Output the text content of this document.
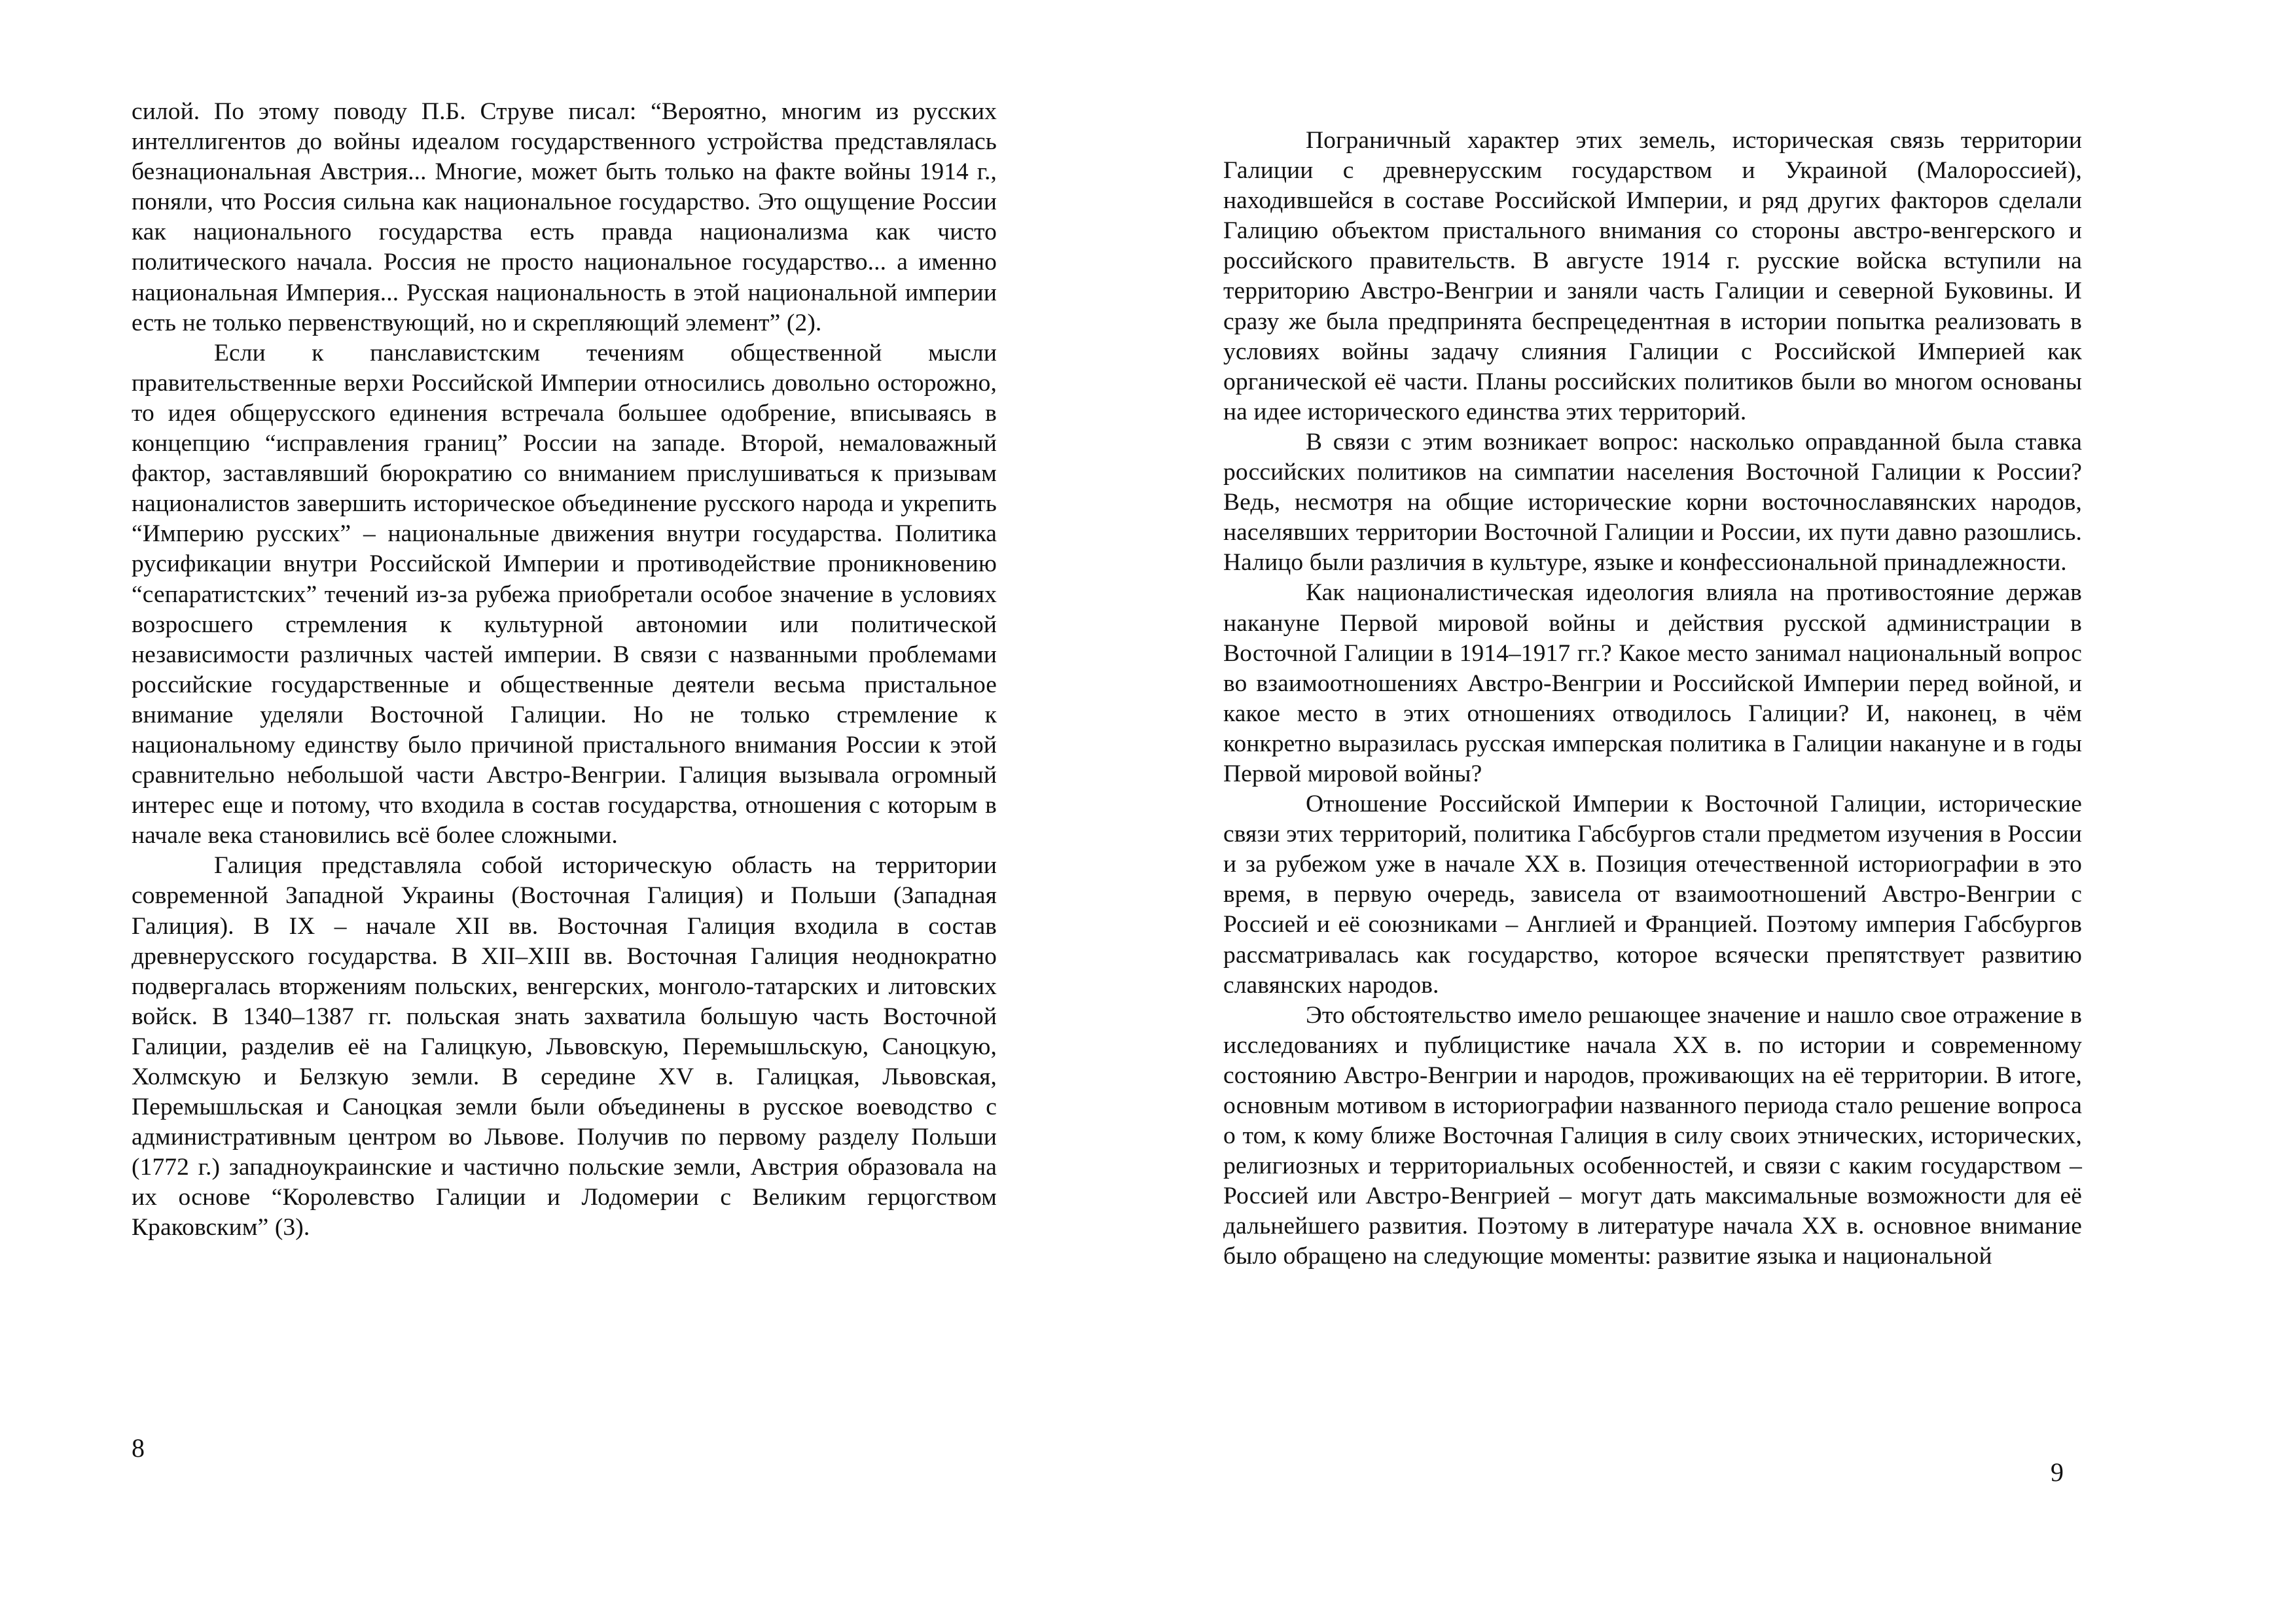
силой. По этому поводу П.Б. Струве писал: “Вероятно, многим из русских интеллигентов до войны идеалом государственного устройства представлялась безнациональная Австрия... Многие, может быть только на факте войны 1914 г., поняли, что Россия сильна как национальное государство. Это ощущение России как национального государства есть правда национализма как чисто политического начала. Россия не просто национальное государство... а именно национальная Империя... Русская национальность в этой национальной империи есть не только первенствующий, но и скрепляющий элемент” (2).

Если к панславистским течениям общественной мысли правительственные верхи Российской Империи относились довольно осторожно, то идея общерусского единения встречала большее одобрение, вписываясь в концепцию “исправления границ” России на западе. Второй, немаловажный фактор, заставлявший бюрократию со вниманием прислушиваться к призывам националистов завершить историческое объединение русского народа и укрепить “Империю русских” – национальные движения внутри государства. Политика русификации внутри Российской Империи и противодействие проникновению “сепаратистских” течений из-за рубежа приобретали особое значение в условиях возросшего стремления к культурной автономии или политической независимости различных частей империи. В связи с названными проблемами российские государственные и общественные деятели весьма пристальное внимание уделяли Восточной Галиции. Но не только стремление к национальному единству было причиной пристального внимания России к этой сравнительно небольшой части Австро-Венгрии. Галиция вызывала огромный интерес еще и потому, что входила в состав государства, отношения с которым в начале века становились всё более сложными.

Галиция представляла собой историческую область на территории современной Западной Украины (Восточная Галиция) и Польши (Западная Галиция). В IX – начале XII вв. Восточная Галиция входила в состав древнерусского государства. В XII–XIII вв. Восточная Галиция неоднократно подвергалась вторжениям польских, венгерских, монголо-татарских и литовских войск. В 1340–1387 гг. польская знать захватила большую часть Восточной Галиции, разделив её на Галицкую, Львовскую, Перемышльскую, Саноцкую, Холмскую и Белзкую земли. В середине XV в. Галицкая, Львовская, Перемышльская и Саноцкая земли были объединены в русское воеводство с административным центром во Львове. Получив по первому разделу Польши (1772 г.) западноукраинские и частично польские земли, Австрия образовала на их основе “Королевство Галиции и Лодомерии с Великим герцогством Краковским” (3).

8

Пограничный характер этих земель, историческая связь территории Галиции с древнерусским государством и Украиной (Малороссией), находившейся в составе Российской Империи, и ряд других факторов сделали Галицию объектом пристального внимания со стороны австро-венгерского и российского правительств. В августе 1914 г. русские войска вступили на территорию Австро-Венгрии и заняли часть Галиции и северной Буковины. И сразу же была предпринята беспрецедентная в истории попытка реализовать в условиях войны задачу слияния Галиции с Российской Империей как органической её части. Планы российских политиков были во многом основаны на идее исторического единства этих территорий.

В связи с этим возникает вопрос: насколько оправданной была ставка российских политиков на симпатии населения Восточной Галиции к России? Ведь, несмотря на общие исторические корни восточнославянских народов, населявших территории Восточной Галиции и России, их пути давно разошлись. Налицо были различия в культуре, языке и конфессиональной принадлежности.

Как националистическая идеология влияла на противостояние держав накануне Первой мировой войны и действия русской администрации в Восточной Галиции в 1914–1917 гг.? Какое место занимал национальный вопрос во взаимоотношениях Австро-Венгрии и Российской Империи перед войной, и какое место в этих отношениях отводилось Галиции? И, наконец, в чём конкретно выразилась русская имперская политика в Галиции накануне и в годы Первой мировой войны?

Отношение Российской Империи к Восточной Галиции, исторические связи этих территорий, политика Габсбургов стали предметом изучения в России и за рубежом уже в начале XX в. Позиция отечественной историографии в это время, в первую очередь, зависела от взаимоотношений Австро-Венгрии с Россией и её союзниками – Англией и Францией. Поэтому империя Габсбургов рассматривалась как государство, которое всячески препятствует развитию славянских народов.

Это обстоятельство имело решающее значение и нашло свое отражение в исследованиях и публицистике начала XX в. по истории и современному состоянию Австро-Венгрии и народов, проживающих на её территории. В итоге, основным мотивом в историографии названного периода стало решение вопроса о том, к кому ближе Восточная Галиция в силу своих этнических, исторических, религиозных и территориальных особенностей, и связи с каким государством – Россией или Австро-Венгрией – могут дать максимальные возможности для её дальнейшего развития. Поэтому в литературе начала XX в. основное внимание было обращено на следующие моменты: развитие языка и национальной

9
